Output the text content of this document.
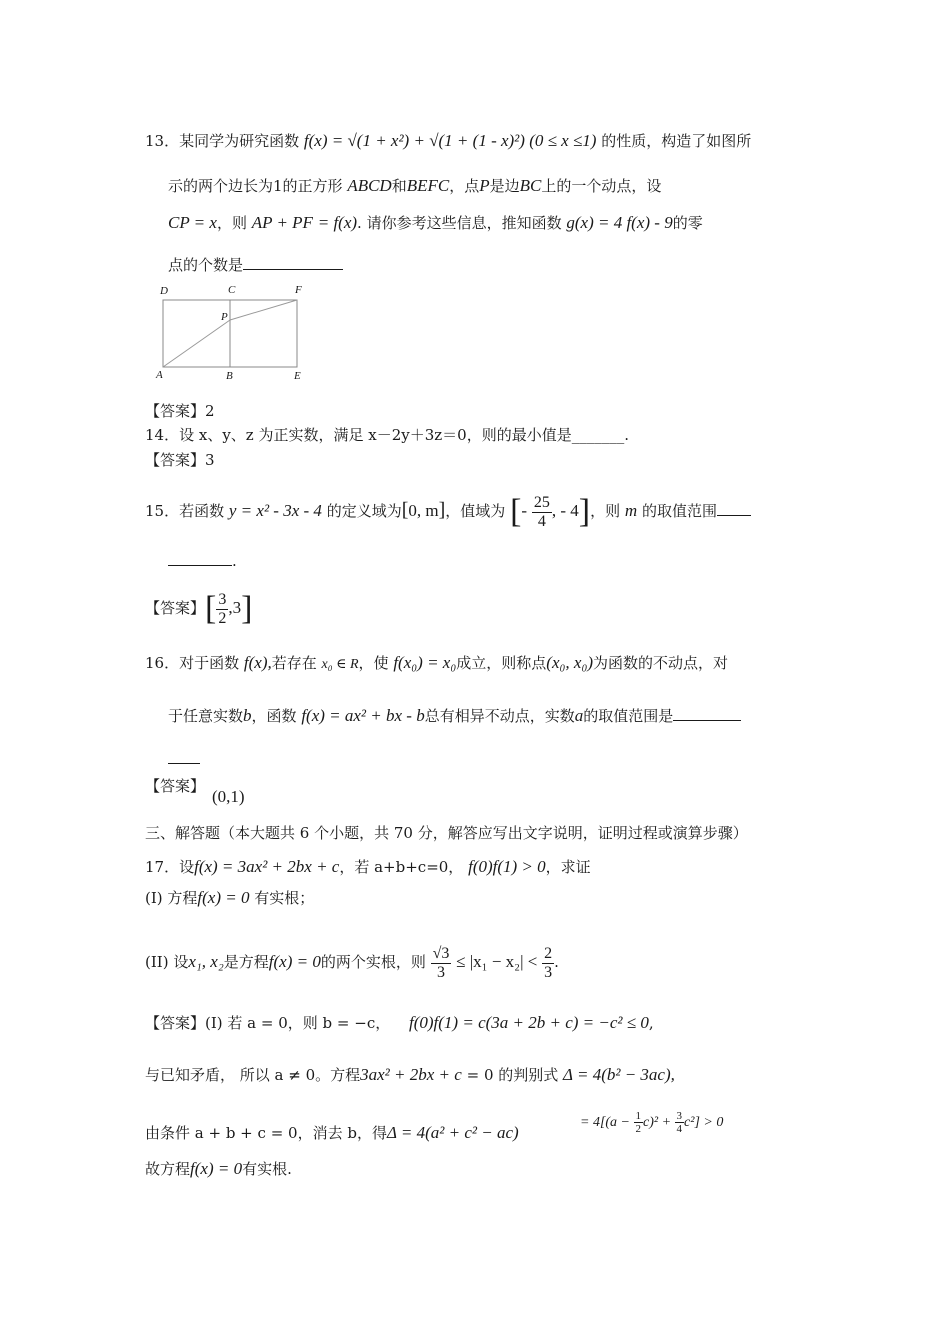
13．某同学为研究函数 f(x) = √(1 + x²) + √(1 + (1 - x)²) (0 ≤ x ≤1) 的性质，构造了如图所
示的两个边长为1的正方形 ABCD和BEFC，点P是边BC上的一个动点，设
CP = x，则 AP + PF = f(x). 请你参考这些信息，推知函数 g(x) = 4 f(x) - 9的零
点的个数是
D	C	F
P
A	B	E
【答案】2
14．设 x、y、z 为正实数，满足 x－2y＋3z＝0，则的最小值是_______.
【答案】3
15．若函数 y = x² - 3x - 4 的定义域为[0, m]，值域为 [- $\frac{25}{4}$ , - 4]，则 m 的取值范围
.
【答案】[ $\frac{3}{2} ,3$]
16．对于函数 f(x),若存在 x₀ ∈ R，使 f(x₀) = x₀成立，则称点(x₀, x₀)为函数的不动点，对
于任意实数b，函数 f(x) = ax² + bx - b总有相异不动点，实数a的取值范围是
【答案】
(0,1)
三、解答题（本大题共 6 个小题，共 70 分，解答应写出文字说明，证明过程或演算步骤）
17．设f(x) = 3ax² + 2bx + c，若 a+b+c=0， f(0)f(1) > 0，求证
(I) 方程f(x) = 0 有实根；
(II) 设x₁, x₂是方程f(x) = 0的两个实根，则 $\frac{√3}{3} \le |x_1 - x_2| < \frac{2}{3}$ .
【答案】(I) 若 a = 0，则 b = −c， f(0)f(1) = c(3a + 2b + c) = −c² ≤ 0,
与已知矛盾， 所以 a ≠ 0。方程3ax² + 2bx + c = 0 的判别式 Δ = 4(b² − 3ac),
由条件 a + b + c = 0，消去 b，得Δ = 4(a² + c² − ac)
= $4[(a - \frac{1}{2} c)^2 + \frac{3}{4} c^2] > 0$
故方程f(x) = 0有实根.
